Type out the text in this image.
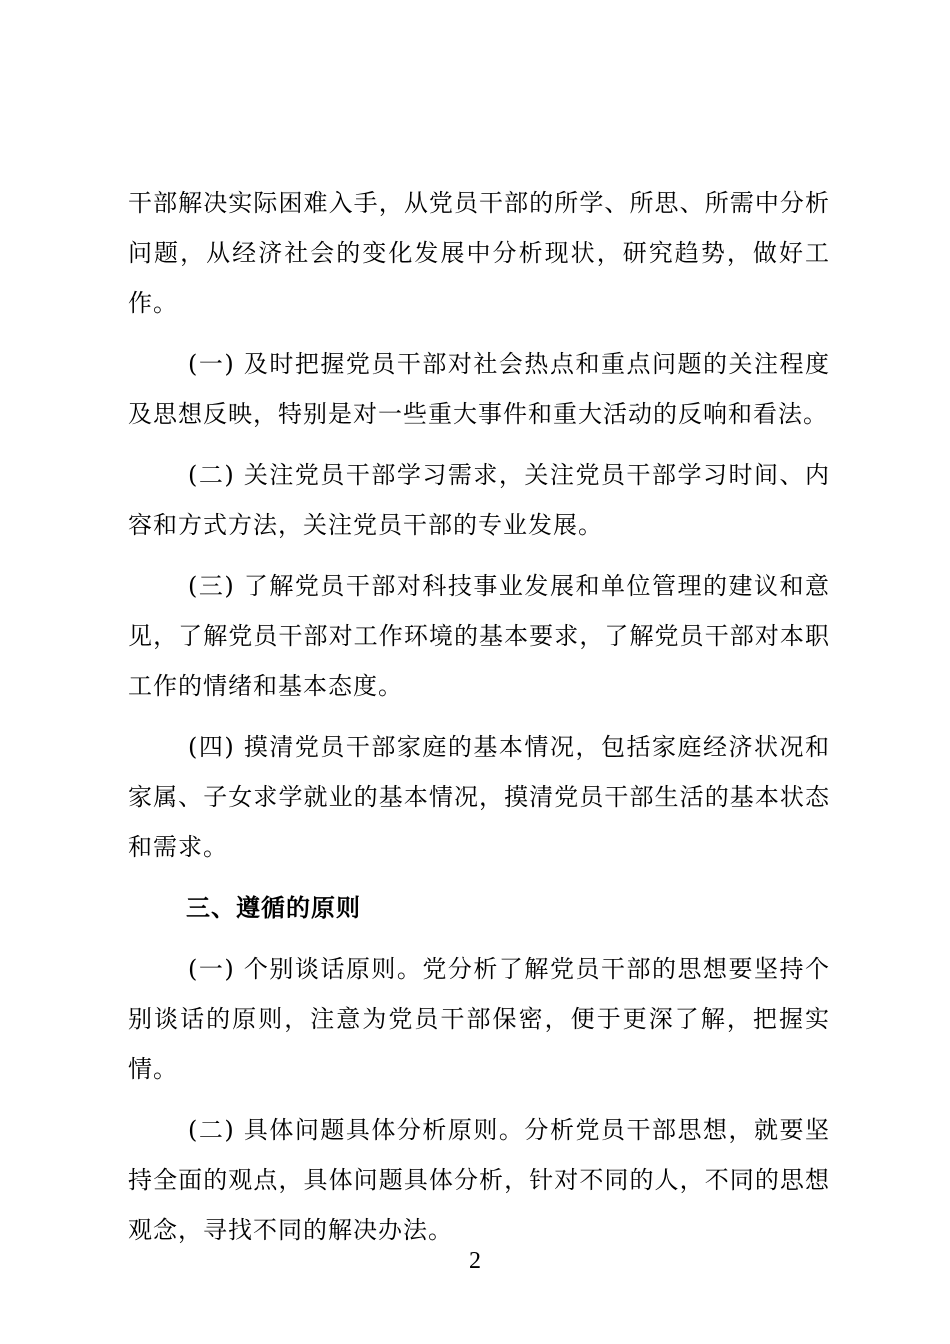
干部解决实际困难入手，从党员干部的所学、所思、所需中分析问题，从经济社会的变化发展中分析现状，研究趋势，做好工作。

(一) 及时把握党员干部对社会热点和重点问题的关注程度及思想反映，特别是对一些重大事件和重大活动的反响和看法。

(二) 关注党员干部学习需求，关注党员干部学习时间、内容和方式方法，关注党员干部的专业发展。

(三) 了解党员干部对科技事业发展和单位管理的建议和意见，了解党员干部对工作环境的基本要求，了解党员干部对本职工作的情绪和基本态度。

(四) 摸清党员干部家庭的基本情况，包括家庭经济状况和家属、子女求学就业的基本情况，摸清党员干部生活的基本状态和需求。

三、遵循的原则

(一) 个别谈话原则。党分析了解党员干部的思想要坚持个别谈话的原则，注意为党员干部保密，便于更深了解，把握实情。

(二) 具体问题具体分析原则。分析党员干部思想，就要坚持全面的观点，具体问题具体分析，针对不同的人，不同的思想观念，寻找不同的解决办法。

2
